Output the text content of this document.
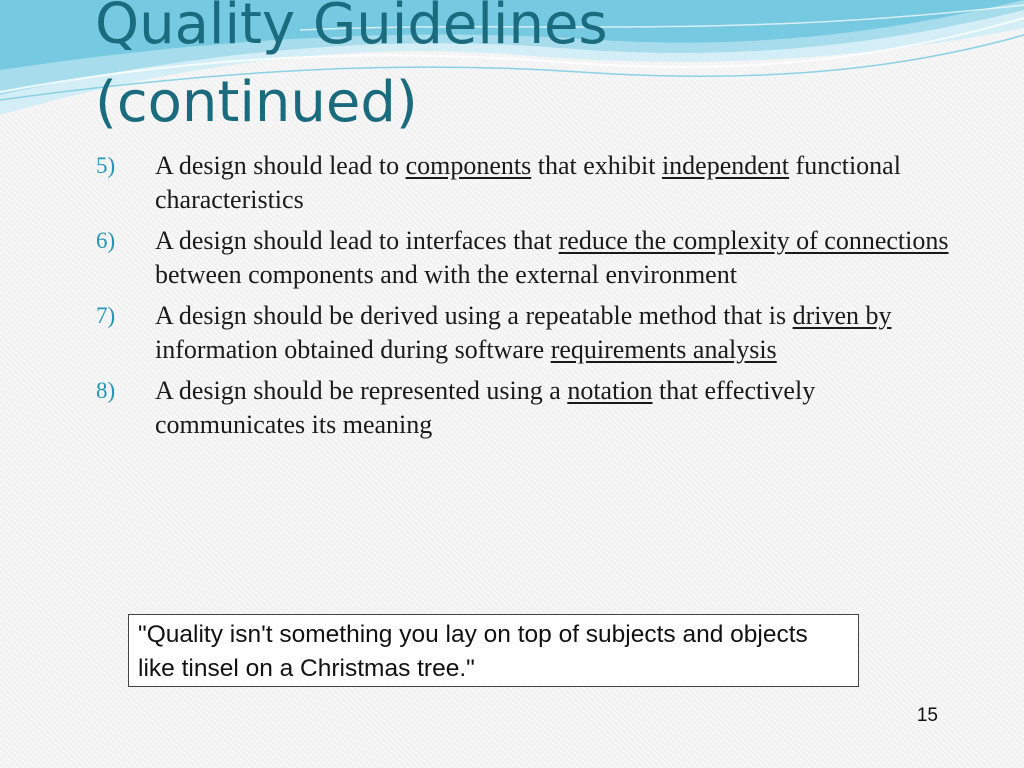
Quality Guidelines
(continued)
5) A design should lead to components that exhibit independent functional characteristics
6) A design should lead to interfaces that reduce the complexity of connections between components and with the external environment
7) A design should be derived using a repeatable method that is driven by information obtained during software requirements analysis
8) A design should be represented using a notation that effectively communicates its meaning
"Quality isn't something you lay on top of subjects and objects
like tinsel on a Christmas tree."
15
